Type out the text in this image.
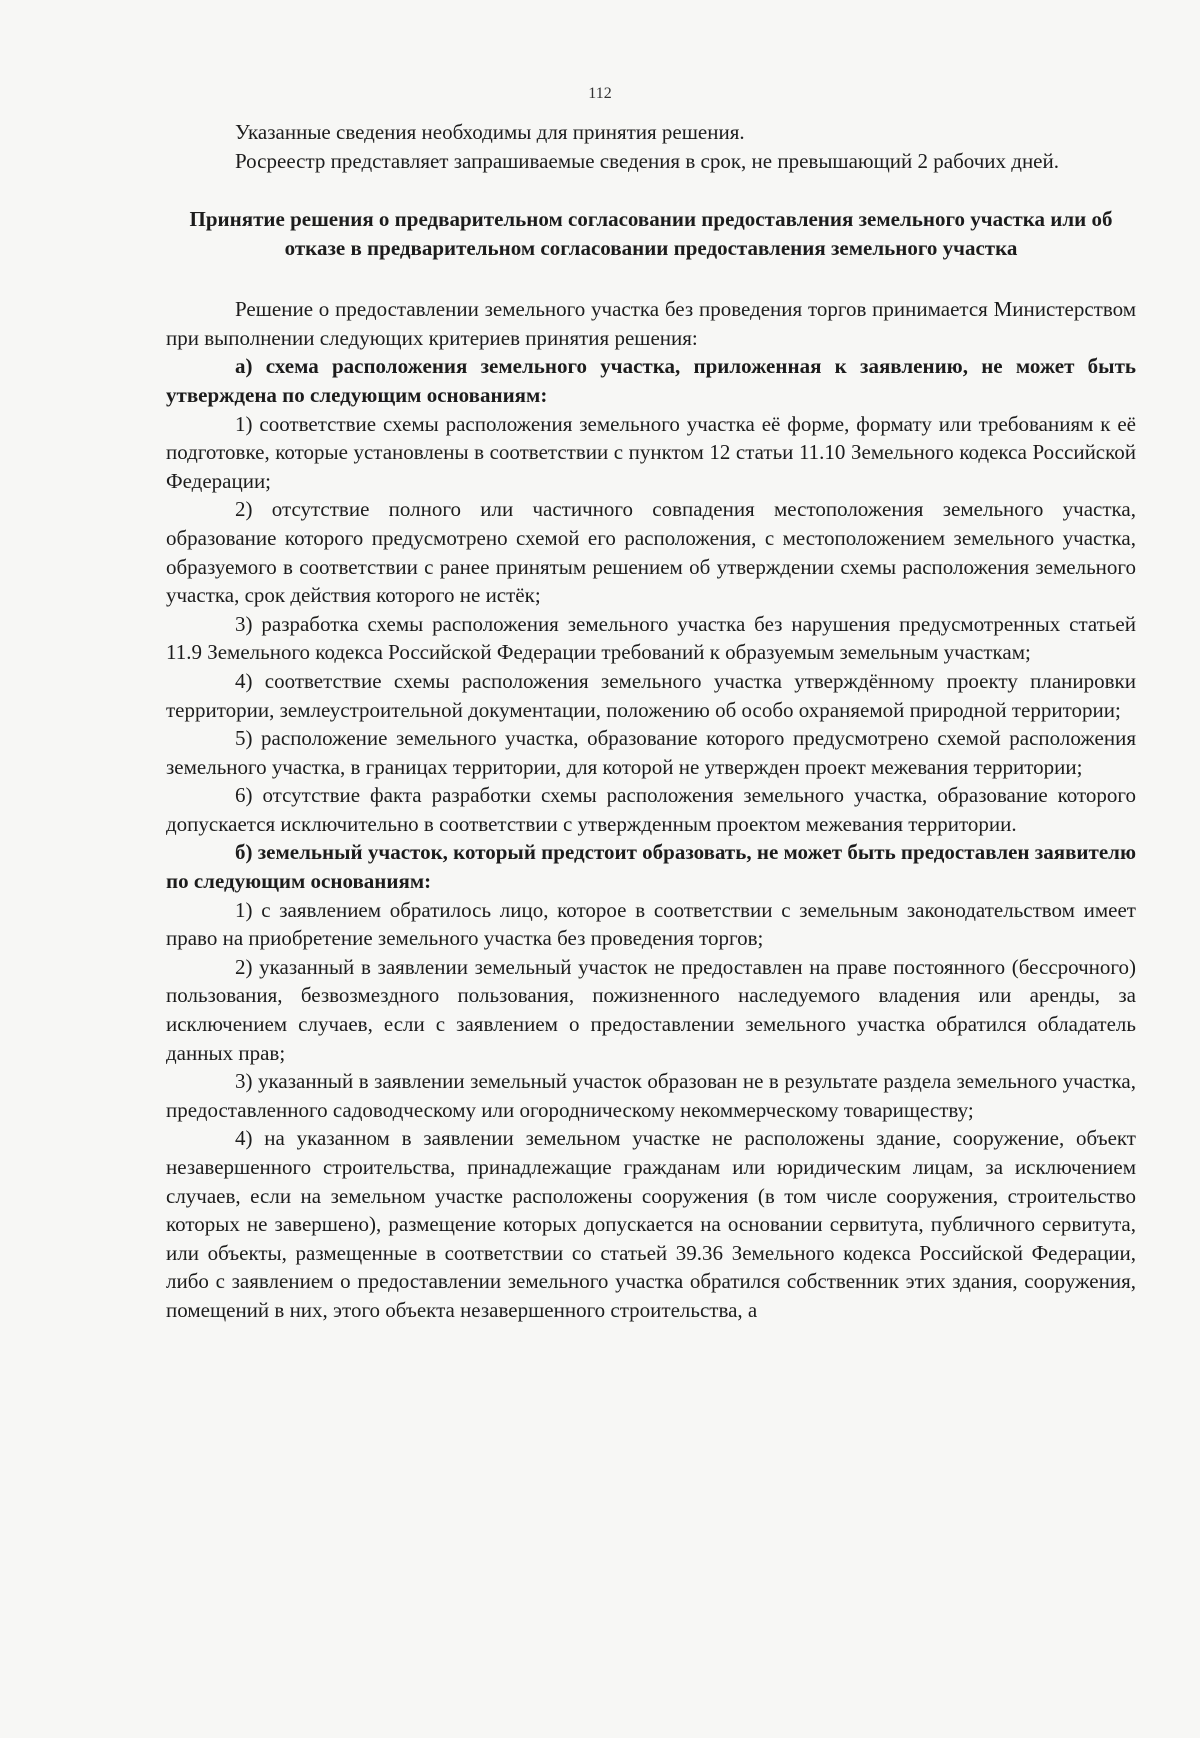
112

Указанные сведения необходимы для принятия решения.

Росреестр представляет запрашиваемые сведения в срок, не превышающий 2 рабочих дней.

Принятие решения о предварительном согласовании предоставления земельного участка или об отказе в предварительном согласовании предоставления земельного участка

Решение о предоставлении земельного участка без проведения торгов принимается Министерством при выполнении следующих критериев принятия решения:

а) схема расположения земельного участка, приложенная к заявлению, не может быть утверждена по следующим основаниям:

1) соответствие схемы расположения земельного участка её форме, формату или требованиям к её подготовке, которые установлены в соответствии с пунктом 12 статьи 11.10 Земельного кодекса Российской Федерации;

2) отсутствие полного или частичного совпадения местоположения земельного участка, образование которого предусмотрено схемой его расположения, с местоположением земельного участка, образуемого в соответствии с ранее принятым решением об утверждении схемы расположения земельного участка, срок действия которого не истёк;

3) разработка схемы расположения земельного участка без нарушения предусмотренных статьей 11.9 Земельного кодекса Российской Федерации требований к образуемым земельным участкам;

4) соответствие схемы расположения земельного участка утверждённому проекту планировки территории, землеустроительной документации, положению об особо охраняемой природной территории;

5) расположение земельного участка, образование которого предусмотрено схемой расположения земельного участка, в границах территории, для которой не утвержден проект межевания территории;

6) отсутствие факта разработки схемы расположения земельного участка, образование которого допускается исключительно в соответствии с утвержденным проектом межевания территории.

б) земельный участок, который предстоит образовать, не может быть предоставлен заявителю по следующим основаниям:

1) с заявлением обратилось лицо, которое в соответствии с земельным законодательством имеет право на приобретение земельного участка без проведения торгов;

2) указанный в заявлении земельный участок не предоставлен на праве постоянного (бессрочного) пользования, безвозмездного пользования, пожизненного наследуемого владения или аренды, за исключением случаев, если с заявлением о предоставлении земельного участка обратился обладатель данных прав;

3) указанный в заявлении земельный участок образован не в результате раздела земельного участка, предоставленного садоводческому или огородническому некоммерческому товариществу;

4) на указанном в заявлении земельном участке не расположены здание, сооружение, объект незавершенного строительства, принадлежащие гражданам или юридическим лицам, за исключением случаев, если на земельном участке расположены сооружения (в том числе сооружения, строительство которых не завершено), размещение которых допускается на основании сервитута, публичного сервитута, или объекты, размещенные в соответствии со статьей 39.36 Земельного кодекса Российской Федерации, либо с заявлением о предоставлении земельного участка обратился собственник этих здания, сооружения, помещений в них, этого объекта незавершенного строительства, а
